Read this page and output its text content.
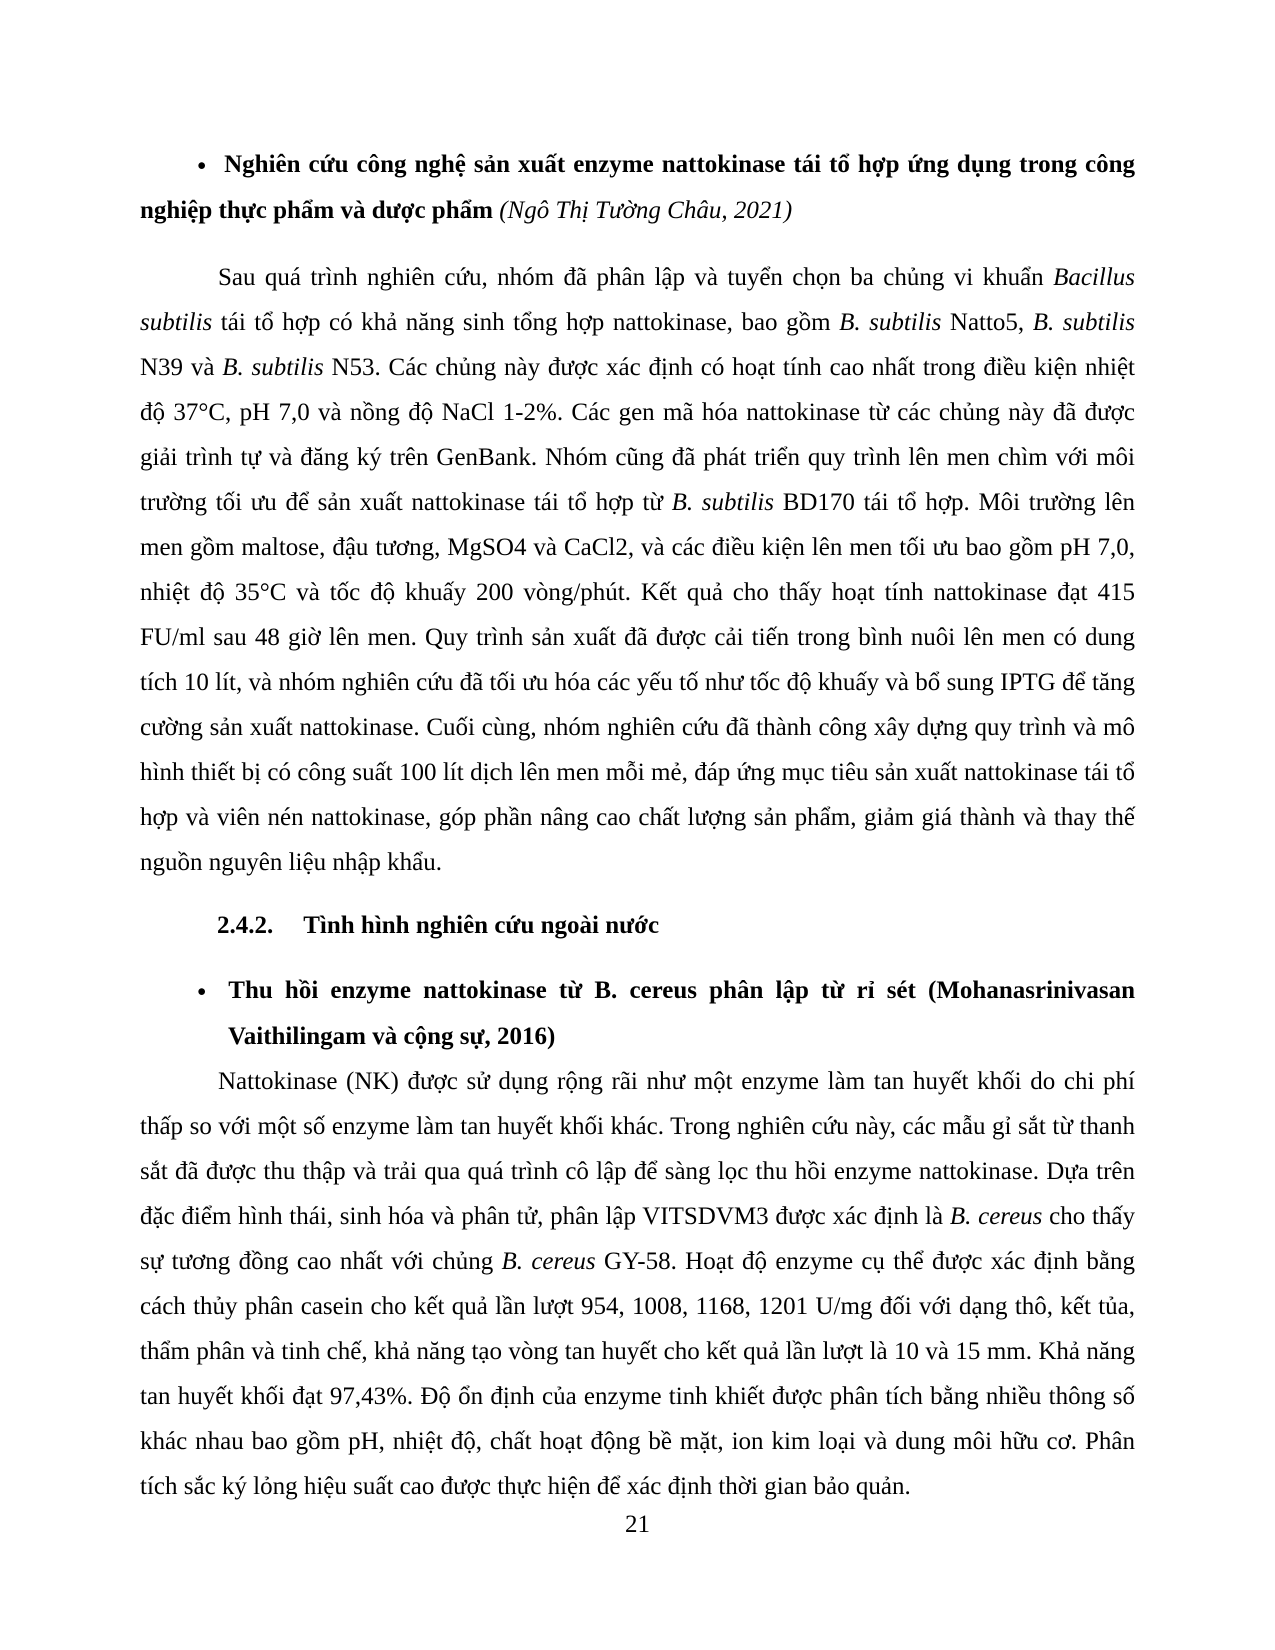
● Nghiên cứu công nghệ sản xuất enzyme nattokinase tái tổ hợp ứng dụng trong công nghiệp thực phẩm và dược phẩm (Ngô Thị Tường Châu, 2021)
Sau quá trình nghiên cứu, nhóm đã phân lập và tuyển chọn ba chủng vi khuẩn Bacillus subtilis tái tổ hợp có khả năng sinh tổng hợp nattokinase, bao gồm B. subtilis Natto5, B. subtilis N39 và B. subtilis N53. Các chủng này được xác định có hoạt tính cao nhất trong điều kiện nhiệt độ 37°C, pH 7,0 và nồng độ NaCl 1-2%. Các gen mã hóa nattokinase từ các chủng này đã được giải trình tự và đăng ký trên GenBank. Nhóm cũng đã phát triển quy trình lên men chìm với môi trường tối ưu để sản xuất nattokinase tái tổ hợp từ B. subtilis BD170 tái tổ hợp. Môi trường lên men gồm maltose, đậu tương, MgSO4 và CaCl2, và các điều kiện lên men tối ưu bao gồm pH 7,0, nhiệt độ 35°C và tốc độ khuấy 200 vòng/phút. Kết quả cho thấy hoạt tính nattokinase đạt 415 FU/ml sau 48 giờ lên men. Quy trình sản xuất đã được cải tiến trong bình nuôi lên men có dung tích 10 lít, và nhóm nghiên cứu đã tối ưu hóa các yếu tố như tốc độ khuấy và bổ sung IPTG để tăng cường sản xuất nattokinase. Cuối cùng, nhóm nghiên cứu đã thành công xây dựng quy trình và mô hình thiết bị có công suất 100 lít dịch lên men mỗi mẻ, đáp ứng mục tiêu sản xuất nattokinase tái tổ hợp và viên nén nattokinase, góp phần nâng cao chất lượng sản phẩm, giảm giá thành và thay thế nguồn nguyên liệu nhập khẩu.
2.4.2. Tình hình nghiên cứu ngoài nước
● Thu hồi enzyme nattokinase từ B. cereus phân lập từ rỉ sét (Mohanasrinivasan Vaithilingam và cộng sự, 2016)
Nattokinase (NK) được sử dụng rộng rãi như một enzyme làm tan huyết khối do chi phí thấp so với một số enzyme làm tan huyết khối khác. Trong nghiên cứu này, các mẫu gỉ sắt từ thanh sắt đã được thu thập và trải qua quá trình cô lập để sàng lọc thu hồi enzyme nattokinase. Dựa trên đặc điểm hình thái, sinh hóa và phân tử, phân lập VITSDVM3 được xác định là B. cereus cho thấy sự tương đồng cao nhất với chủng B. cereus GY-58. Hoạt độ enzyme cụ thể được xác định bằng cách thủy phân casein cho kết quả lần lượt 954, 1008, 1168, 1201 U/mg đối với dạng thô, kết tủa, thẩm phân và tinh chế, khả năng tạo vòng tan huyết cho kết quả lần lượt là 10 và 15 mm. Khả năng tan huyết khối đạt 97,43%. Độ ổn định của enzyme tinh khiết được phân tích bằng nhiều thông số khác nhau bao gồm pH, nhiệt độ, chất hoạt động bề mặt, ion kim loại và dung môi hữu cơ. Phân tích sắc ký lỏng hiệu suất cao được thực hiện để xác định thời gian bảo quản.
21
